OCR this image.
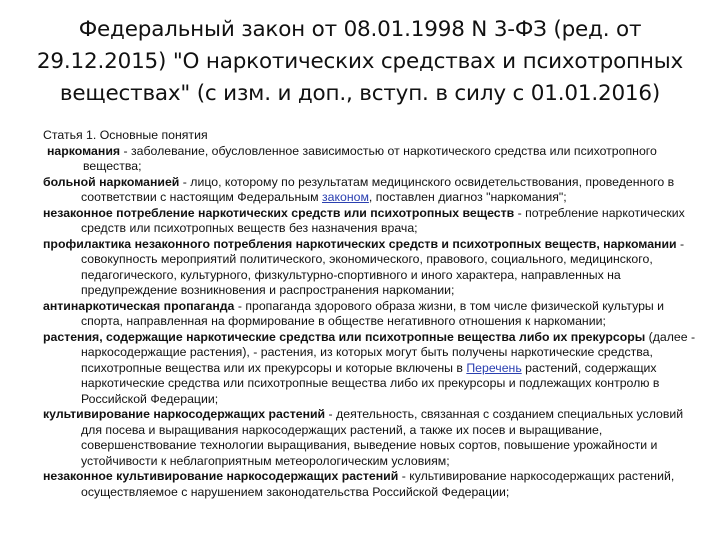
Федеральный закон от 08.01.1998 N 3-ФЗ (ред. от
29.12.2015) "О наркотических средствах и психотропных
веществах" (с изм. и доп., вступ. в силу с 01.01.2016)

Статья 1. Основные понятия

наркомания - заболевание, обусловленное зависимостью от наркотического средства или психотропного вещества;

больной наркоманией - лицо, которому по результатам медицинского освидетельствования, проведенного в соответствии с настоящим Федеральным законом, поставлен диагноз "наркомания";

незаконное потребление наркотических средств или психотропных веществ - потребление наркотических средств или психотропных веществ без назначения врача;

профилактика незаконного потребления наркотических средств и психотропных веществ, наркомании - совокупность мероприятий политического, экономического, правового, социального, медицинского, педагогического, культурного, физкультурно-спортивного и иного характера, направленных на предупреждение возникновения и распространения наркомании;

антинаркотическая пропаганда - пропаганда здорового образа жизни, в том числе физической культуры и спорта, направленная на формирование в обществе негативного отношения к наркомании;

растения, содержащие наркотические средства или психотропные вещества либо их прекурсоры (далее - наркосодержащие растения), - растения, из которых могут быть получены наркотические средства, психотропные вещества или их прекурсоры и которые включены в Перечень растений, содержащих наркотические средства или психотропные вещества либо их прекурсоры и подлежащих контролю в Российской Федерации;

культивирование наркосодержащих растений - деятельность, связанная с созданием специальных условий для посева и выращивания наркосодержащих растений, а также их посев и выращивание, совершенствование технологии выращивания, выведение новых сортов, повышение урожайности и устойчивости к неблагоприятным метеорологическим условиям;

незаконное культивирование наркосодержащих растений - культивирование наркосодержащих растений, осуществляемое с нарушением законодательства Российской Федерации;
